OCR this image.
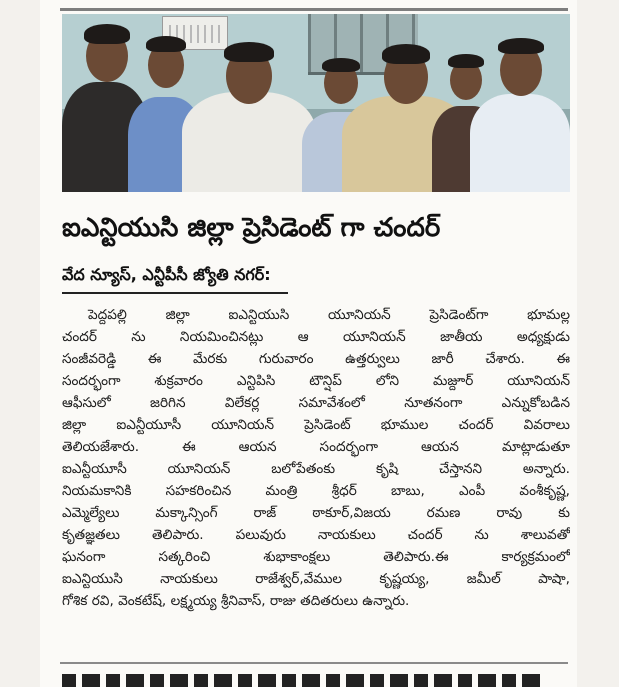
ఐఎన్టియుసి జిల్లా ప్రెసిడెంట్ గా చందర్
వేద న్యూస్, ఎన్టీపీసీ జ్యోతి నగర్:
పెద్దపల్లి జిల్లా ఐఎన్టియుసి యూనియన్ ప్రెసిడెంట్‌గా భూమల్ల
చందర్ ను నియమించినట్లు ఆ యూనియన్ జాతీయ అధ్యక్షుడు
సంజీవరెడ్డి ఈ మేరకు గురువారం ఉత్తర్వులు జారీ చేశారు. ఈ
సందర్భంగా శుక్రవారం ఎన్టిపిసి టౌన్షిప్ లోని మజ్దూర్ యూనియన్
ఆఫీసులో జరిగిన విలేకర్ల సమావేశంలో నూతనంగా ఎన్నుకోబడిన
జిల్లా ఐఎన్టీయూసీ యూనియన్ ప్రెసిడెంట్ భూముల చందర్ వివరాలు
తెలియజేశారు. ఈ ఆయన సందర్భంగా ఆయన మాట్లాడుతూ
ఐఎన్టీయూసీ యూనియన్ బలోపేతంకు కృషి చేస్తానని అన్నారు.
నియమకానికి సహకరించిన మంత్రి శ్రీధర్ బాబు, ఎంపీ వంశీకృష్ణ,
ఎమ్మెల్యేలు మక్కాన్సింగ్ రాజ్ ఠాకూర్,విజయ రమణ రావు కు
కృతజ్ఞతలు తెలిపారు. పలువురు నాయకులు చందర్ ను శాలువతో
ఘనంగా సత్కరించి శుభాకాంక్షలు తెలిపారు.ఈ కార్యక్రమంలో
ఐఎన్టియుసి నాయకులు రాజేశ్వర్,వేముల కృష్ణయ్య, జమీల్ పాషా,
గోశిక రవి, వెంకటేష్, లక్ష్మయ్య శ్రీనివాస్, రాజు తదితరులు ఉన్నారు.
